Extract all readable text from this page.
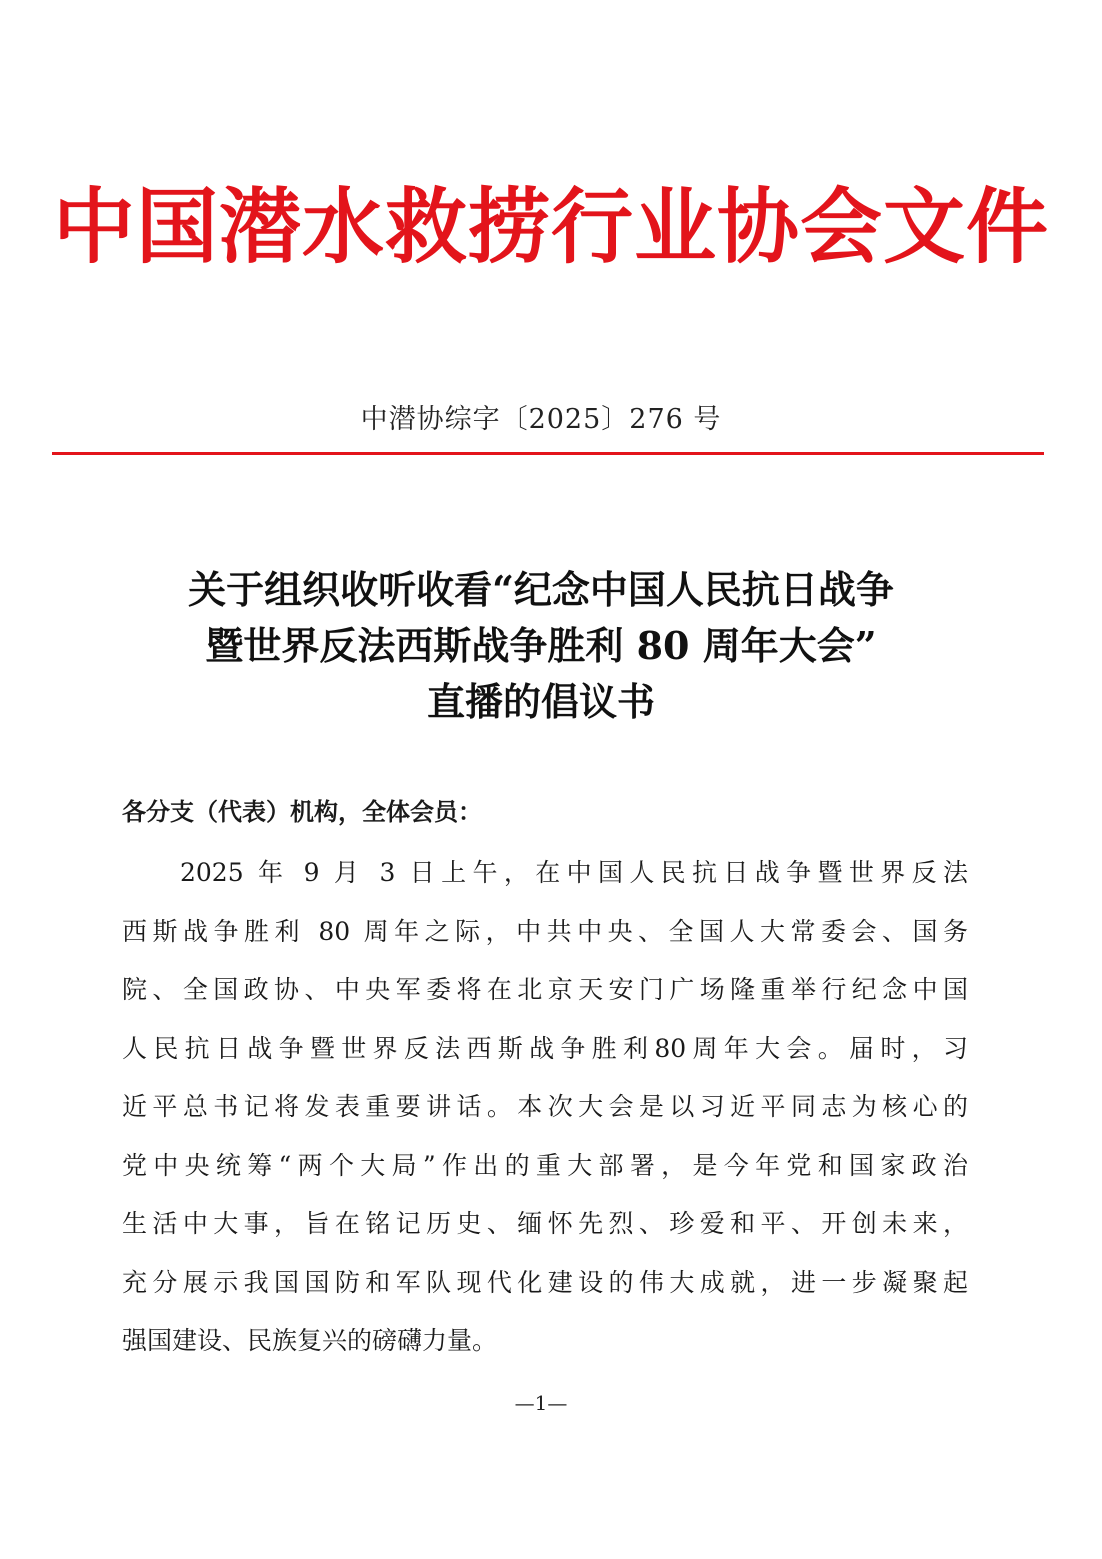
中国潜水救捞行业协会文件
中潜协综字〔2025〕276 号
关于组织收听收看“纪念中国人民抗日战争
暨世界反法西斯战争胜利 80 周年大会”
直播的倡议书
各分支（代表）机构，全体会员：
2025 年 9 月 3 日上午，在中国人民抗日战争暨世界反法
西斯战争胜利 80 周年之际，中共中央、全国人大常委会、国务
院、全国政协、中央军委将在北京天安门广场隆重举行纪念中国
人民抗日战争暨世界反法西斯战争胜利80周年大会。届时，习
近平总书记将发表重要讲话。本次大会是以习近平同志为核心的
党中央统筹“两个大局”作出的重大部署，是今年党和国家政治
生活中大事，旨在铭记历史、缅怀先烈、珍爱和平、开创未来，
充分展示我国国防和军队现代化建设的伟大成就，进一步凝聚起
强国建设、民族复兴的磅礴力量。
—1—
